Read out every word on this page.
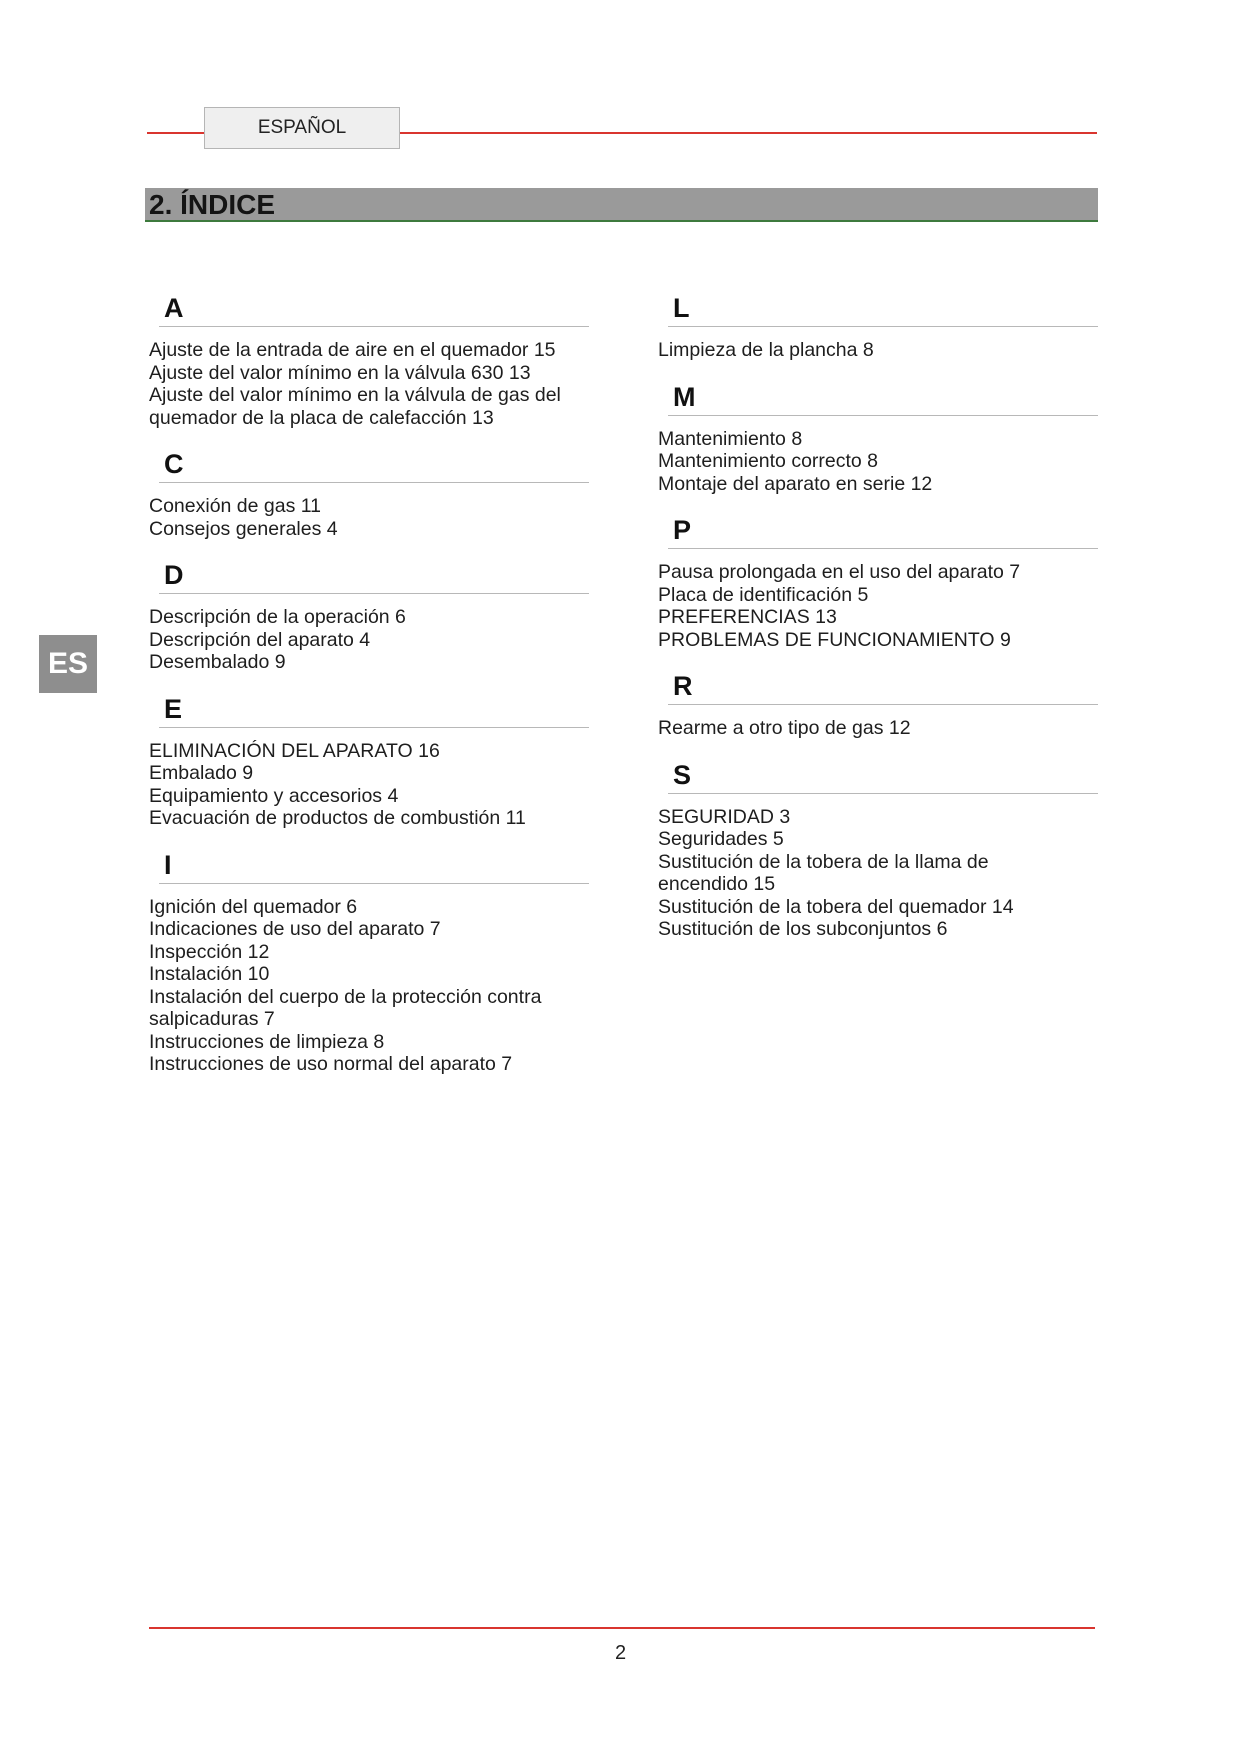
ESPAÑOL
2. ÍNDICE
ES
A
Ajuste de la entrada de aire en el quemador 15
Ajuste del valor mínimo en la válvula 630 13
Ajuste del valor mínimo en la válvula de gas del
quemador de la placa de calefacción 13
C
Conexión de gas 11
Consejos generales 4
D
Descripción de la operación 6
Descripción del aparato 4
Desembalado 9
E
ELIMINACIÓN DEL APARATO 16
Embalado 9
Equipamiento y accesorios 4
Evacuación de productos de combustión 11
I
Ignición del quemador 6
Indicaciones de uso del aparato 7
Inspección 12
Instalación 10
Instalación del cuerpo de la protección contra
salpicaduras 7
Instrucciones de limpieza 8
Instrucciones de uso normal del aparato 7
L
Limpieza de la plancha 8
M
Mantenimiento 8
Mantenimiento correcto 8
Montaje del aparato en serie 12
P
Pausa prolongada en el uso del aparato 7
Placa de identificación 5
PREFERENCIAS 13
PROBLEMAS DE FUNCIONAMIENTO 9
R
Rearme a otro tipo de gas 12
S
SEGURIDAD 3
Seguridades 5
Sustitución de la tobera de la llama de
encendido 15
Sustitución de la tobera del quemador 14
Sustitución de los subconjuntos 6
2
